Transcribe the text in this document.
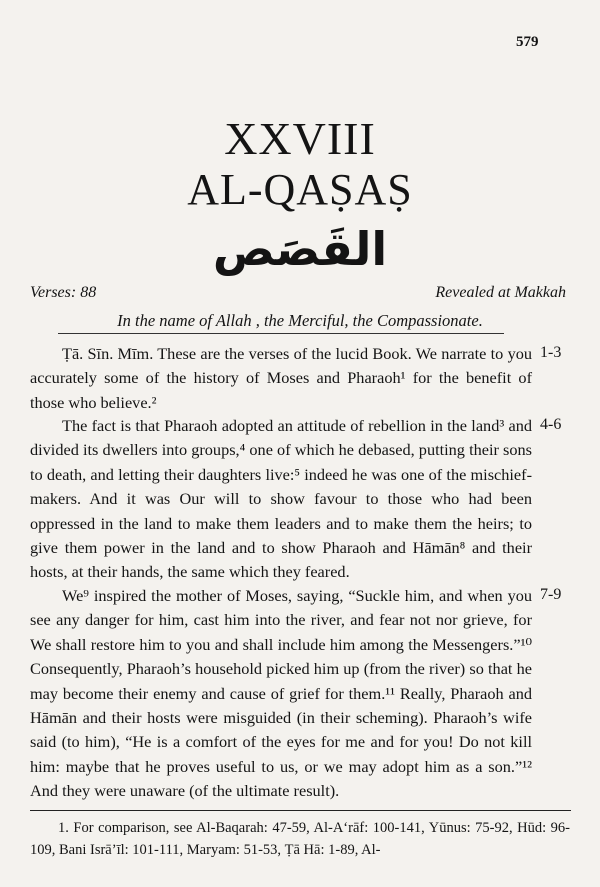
579
XXVIII
AL-QAṢAṢ
القَصَص
Verses: 88	Revealed at Makkah
In the name of Allah , the Merciful, the Compassionate.

Ṭā. Sīn. Mīm. These are the verses of the lucid Book. We narrate to you accurately some of the history of Moses and Pharaoh¹ for the benefit of those who believe.²

1-3

The fact is that Pharaoh adopted an attitude of rebellion in the land³ and divided its dwellers into groups,⁴ one of which he debased, putting their sons to death, and letting their daughters live:⁵ indeed he was one of the mischief-makers. And it was Our will to show favour to those who had been oppressed in the land to make them leaders and to make them the heirs; to give them power in the land and to show Pharaoh and Hāmān⁸ and their hosts, at their hands, the same which they feared.

4-6

We⁹ inspired the mother of Moses, saying, “Suckle him, and when you see any danger for him, cast him into the river, and fear not nor grieve, for We shall restore him to you and shall include him among the Messengers.”¹⁰ Consequently, Pharaoh’s household picked him up (from the river) so that he may become their enemy and cause of grief for them.¹¹ Really, Pharaoh and Hāmān and their hosts were misguided (in their scheming). Pharaoh’s wife said (to him), “He is a comfort of the eyes for me and for you! Do not kill him: maybe that he proves useful to us, or we may adopt him as a son.”¹² And they were unaware (of the ultimate result).

7-9
1. For comparison, see Al-Baqarah: 47-59, Al-A‘rāf: 100-141, Yūnus: 75-92, Hūd: 96-109, Bani Isrā’īl: 101-111, Maryam: 51-53, Ṭā Hā: 1-89, Al-
